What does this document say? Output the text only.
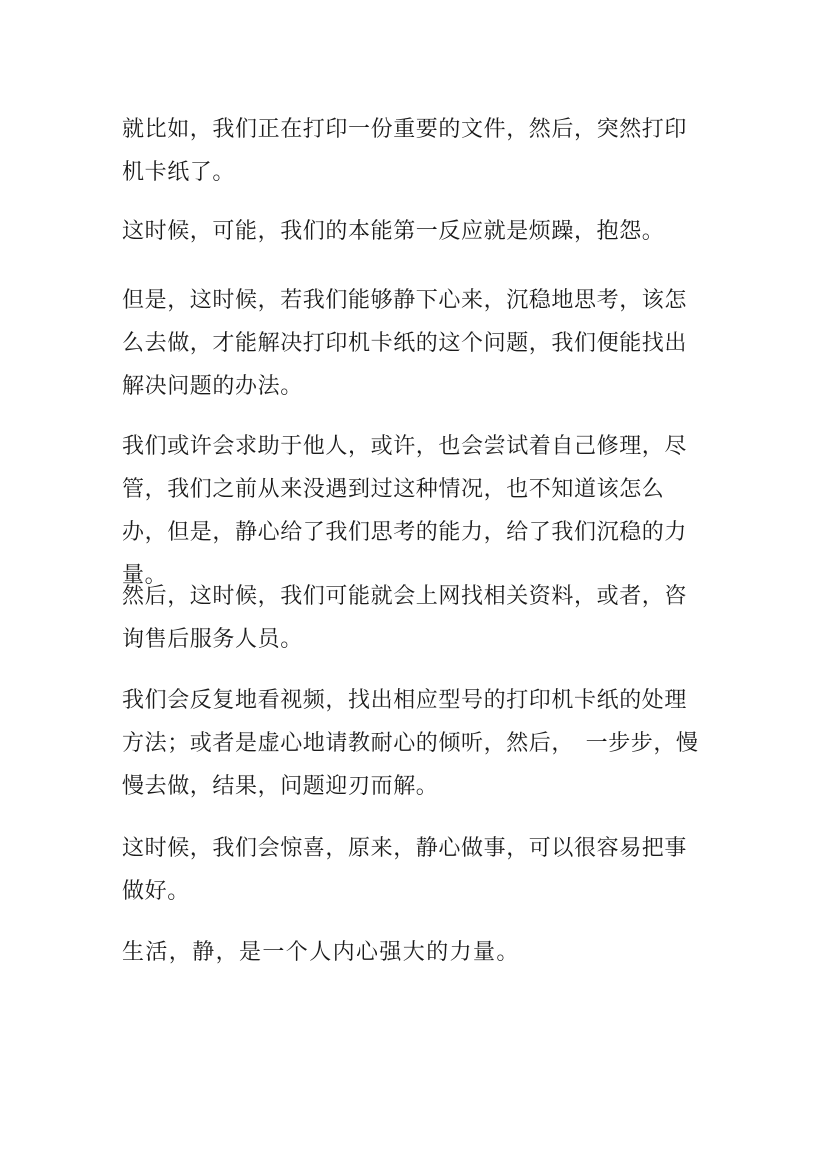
就比如，我们正在打印一份重要的文件，然后，突然打印机卡纸了。

这时候，可能，我们的本能第一反应就是烦躁，抱怨。

但是，这时候，若我们能够静下心来，沉稳地思考，该怎么去做，才能解决打印机卡纸的这个问题，我们便能找出解决问题的办法。

我们或许会求助于他人，或许，也会尝试着自己修理，尽管，我们之前从来没遇到过这种情况，也不知道该怎么办，但是，静心给了我们思考的能力，给了我们沉稳的力量。

然后，这时候，我们可能就会上网找相关资料，或者，咨询售后服务人员。

我们会反复地看视频，找出相应型号的打印机卡纸的处理方法；或者是虚心地请教耐心的倾听，然后，　一步步，慢慢去做，结果，问题迎刃而解。

这时候，我们会惊喜，原来，静心做事，可以很容易把事做好。

生活，静，是一个人内心强大的力量。
